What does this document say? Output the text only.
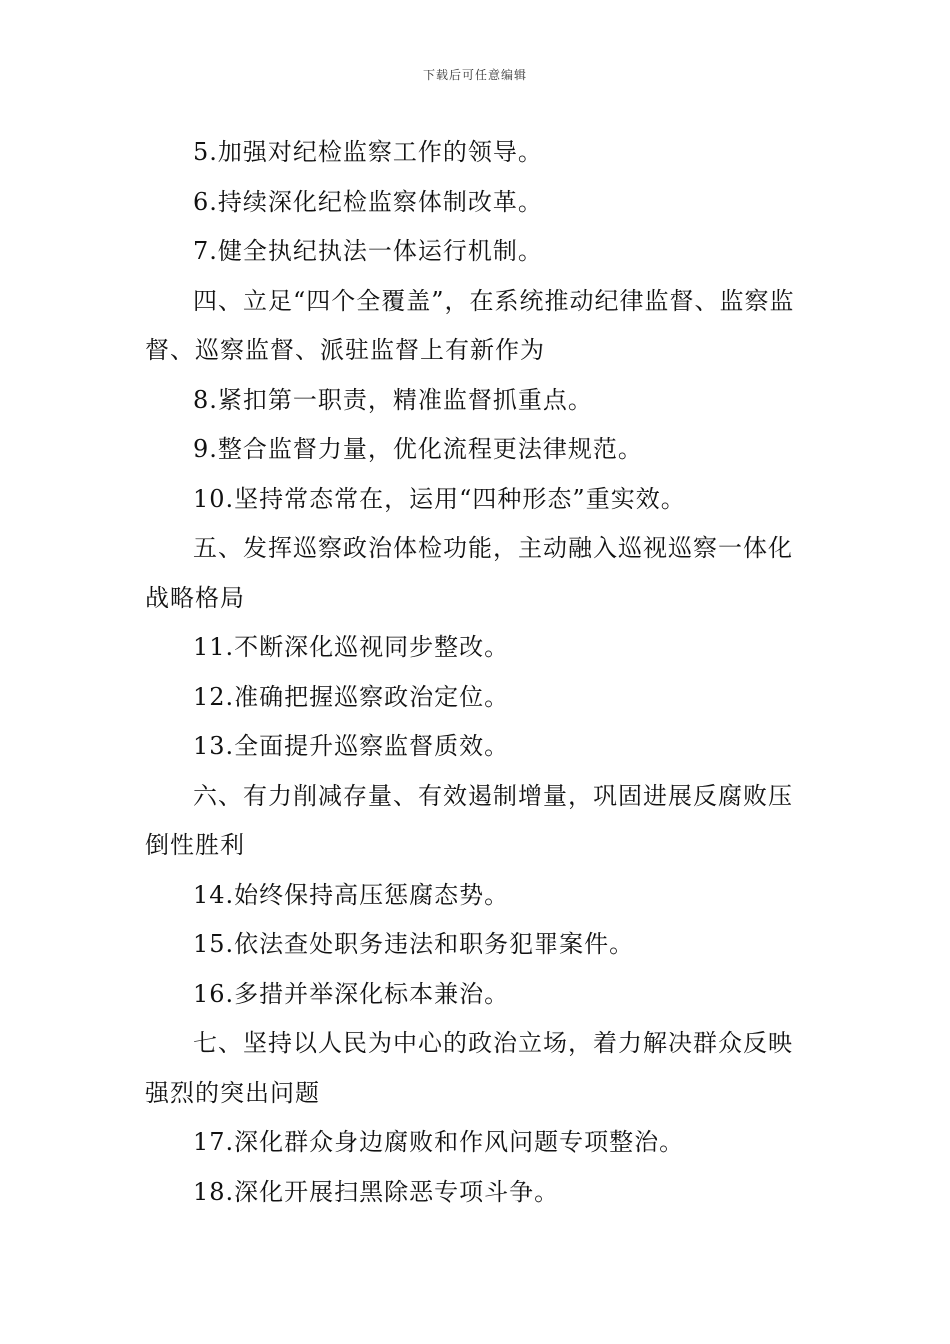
下载后可任意编辑

5.加强对纪检监察工作的领导。

6.持续深化纪检监察体制改革。

7.健全执纪执法一体运行机制。

四、立足“四个全覆盖”，在系统推动纪律监督、监察监督、巡察监督、派驻监督上有新作为

8.紧扣第一职责，精准监督抓重点。

9.整合监督力量，优化流程更法律规范。

10.坚持常态常在，运用“四种形态”重实效。

五、发挥巡察政治体检功能，主动融入巡视巡察一体化战略格局

11.不断深化巡视同步整改。

12.准确把握巡察政治定位。

13.全面提升巡察监督质效。

六、有力削减存量、有效遏制增量，巩固进展反腐败压倒性胜利

14.始终保持高压惩腐态势。

15.依法查处职务违法和职务犯罪案件。

16.多措并举深化标本兼治。

七、坚持以人民为中心的政治立场，着力解决群众反映强烈的突出问题

17.深化群众身边腐败和作风问题专项整治。

18.深化开展扫黑除恶专项斗争。
